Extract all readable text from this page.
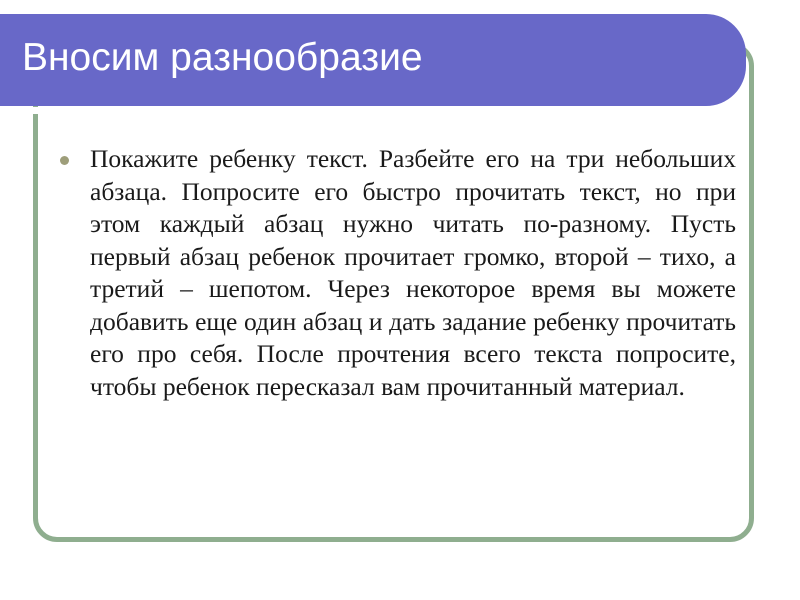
Вносим разнообразие

Покажите ребенку текст. Разбейте его на три небольших абзаца. Попросите его быстро прочитать текст, но при этом каждый абзац нужно читать по-разному. Пусть первый абзац ребенок прочитает громко, второй – тихо, а третий – шепотом. Через некоторое время вы можете добавить еще один абзац и дать задание ребенку прочитать его про себя. После прочтения всего текста попросите, чтобы ребенок пересказал вам прочитанный материал.
